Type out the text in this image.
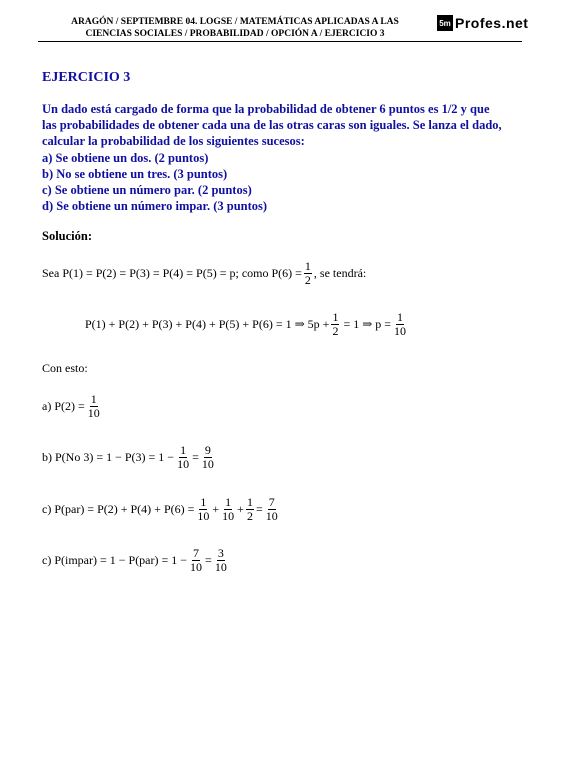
ARAGÓN / SEPTIEMBRE 04. LOGSE / MATEMÁTICAS APLICADAS A LAS
CIENCIAS SOCIALES / PROBABILIDAD / OPCIÓN A / EJERCICIO 3
5m Profes.net
EJERCICIO 3
Un dado está cargado de forma que la probabilidad de obtener 6 puntos es 1/2 y que
las probabilidades de obtener cada una de las otras caras son iguales. Se lanza el dado,
calcular la probabilidad de los siguientes sucesos:
a) Se obtiene un dos. (2 puntos)
b) No se obtiene un tres. (3 puntos)
c) Se obtiene un número par. (2 puntos)
d) Se obtiene un número impar. (3 puntos)
Solución:
Sea P(1) = P(2) = P(3) = P(4) = P(5) = p; como $P(6) = \frac{1}{2}$ , se tendrá:
P(1) + P(2) + P(3) + P(4) + P(5) + P(6) = 1 ⇒ $5p + \frac{1}{2} = 1$ ⇒ $p = \frac{1}{10}$
Con esto:
a) $P(2) = \frac{1}{10}$
b) P(No $3) = 1 - P(3) = 1 - \frac{1}{10} = \frac{9}{10}$
c) $P(par) = P(2) + P(4) + P(6) = \frac{1}{10} + \frac{1}{10} + \frac{1}{2} = \frac{7}{10}$
c) P(impar) = $1 - P(par) = 1 - \frac{7}{10} = \frac{3}{10}$
